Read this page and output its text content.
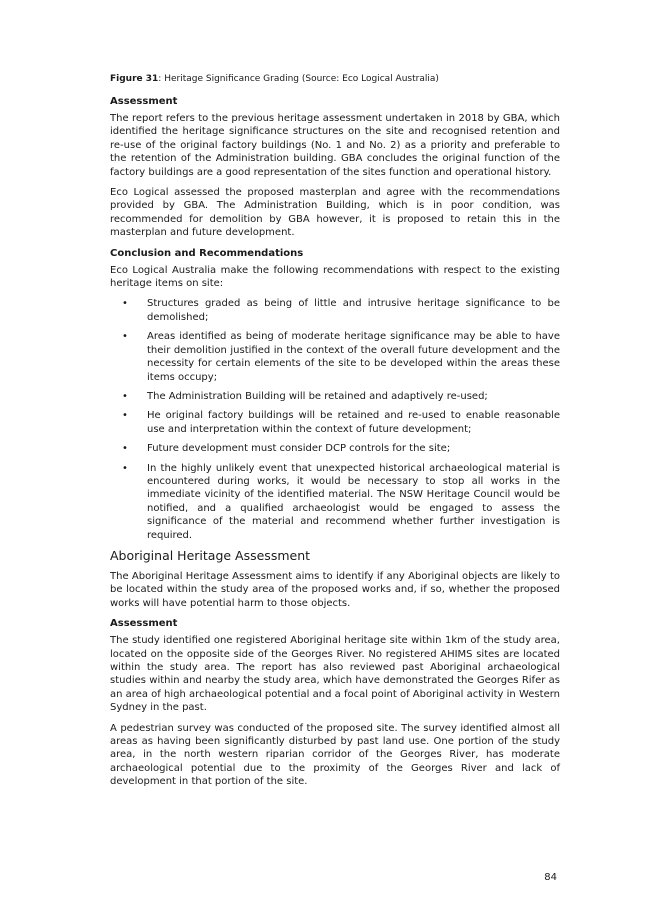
Figure 31: Heritage Significance Grading (Source: Eco Logical Australia)
Assessment

The report refers to the previous heritage assessment undertaken in 2018 by GBA, which identified the heritage significance structures on the site and recognised retention and re-use of the original factory buildings (No. 1 and No. 2) as a priority and preferable to the retention of the Administration building. GBA concludes the original function of the factory buildings are a good representation of the sites function and operational history.

Eco Logical assessed the proposed masterplan and agree with the recommendations provided by GBA. The Administration Building, which is in poor condition, was recommended for demolition by GBA however, it is proposed to retain this in the masterplan and future development.

Conclusion and Recommendations

Eco Logical Australia make the following recommendations with respect to the existing heritage items on site:

• Structures graded as being of little and intrusive heritage significance to be demolished;
• Areas identified as being of moderate heritage significance may be able to have their demolition justified in the context of the overall future development and the necessity for certain elements of the site to be developed within the areas these items occupy;
• The Administration Building will be retained and adaptively re-used;
• He original factory buildings will be retained and re-used to enable reasonable use and interpretation within the context of future development;
• Future development must consider DCP controls for the site;
• In the highly unlikely event that unexpected historical archaeological material is encountered during works, it would be necessary to stop all works in the immediate vicinity of the identified material. The NSW Heritage Council would be notified, and a qualified archaeologist would be engaged to assess the significance of the material and recommend whether further investigation is required.
Aboriginal Heritage Assessment

The Aboriginal Heritage Assessment aims to identify if any Aboriginal objects are likely to be located within the study area of the proposed works and, if so, whether the proposed works will have potential harm to those objects.

Assessment

The study identified one registered Aboriginal heritage site within 1km of the study area, located on the opposite side of the Georges River. No registered AHIMS sites are located within the study area. The report has also reviewed past Aboriginal archaeological studies within and nearby the study area, which have demonstrated the Georges Rifer as an area of high archaeological potential and a focal point of Aboriginal activity in Western Sydney in the past.

A pedestrian survey was conducted of the proposed site. The survey identified almost all areas as having been significantly disturbed by past land use. One portion of the study area, in the north western riparian corridor of the Georges River, has moderate archaeological potential due to the proximity of the Georges River and lack of development in that portion of the site.

84
